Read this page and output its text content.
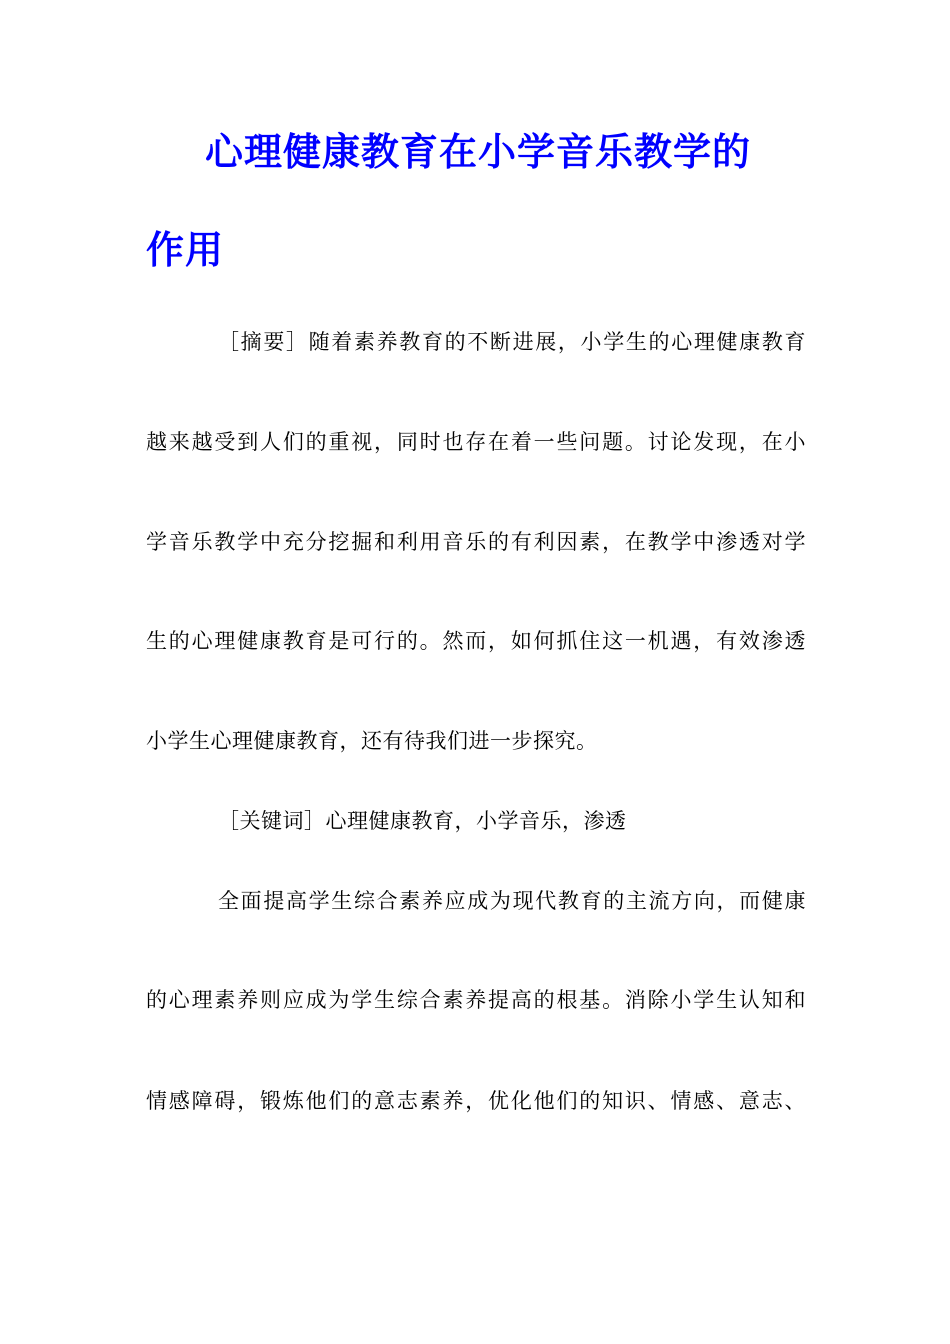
心理健康教育在小学音乐教学的
作用
［摘要］随着素养教育的不断进展，小学生的心理健康教育
越来越受到人们的重视，同时也存在着一些问题。讨论发现，在小
学音乐教学中充分挖掘和利用音乐的有利因素，在教学中渗透对学
生的心理健康教育是可行的。然而，如何抓住这一机遇，有效渗透
小学生心理健康教育，还有待我们进一步探究。
［关键词］心理健康教育，小学音乐，渗透
全面提高学生综合素养应成为现代教育的主流方向，而健康
的心理素养则应成为学生综合素养提高的根基。消除小学生认知和
情感障碍，锻炼他们的意志素养，优化他们的知识、情感、意志、
